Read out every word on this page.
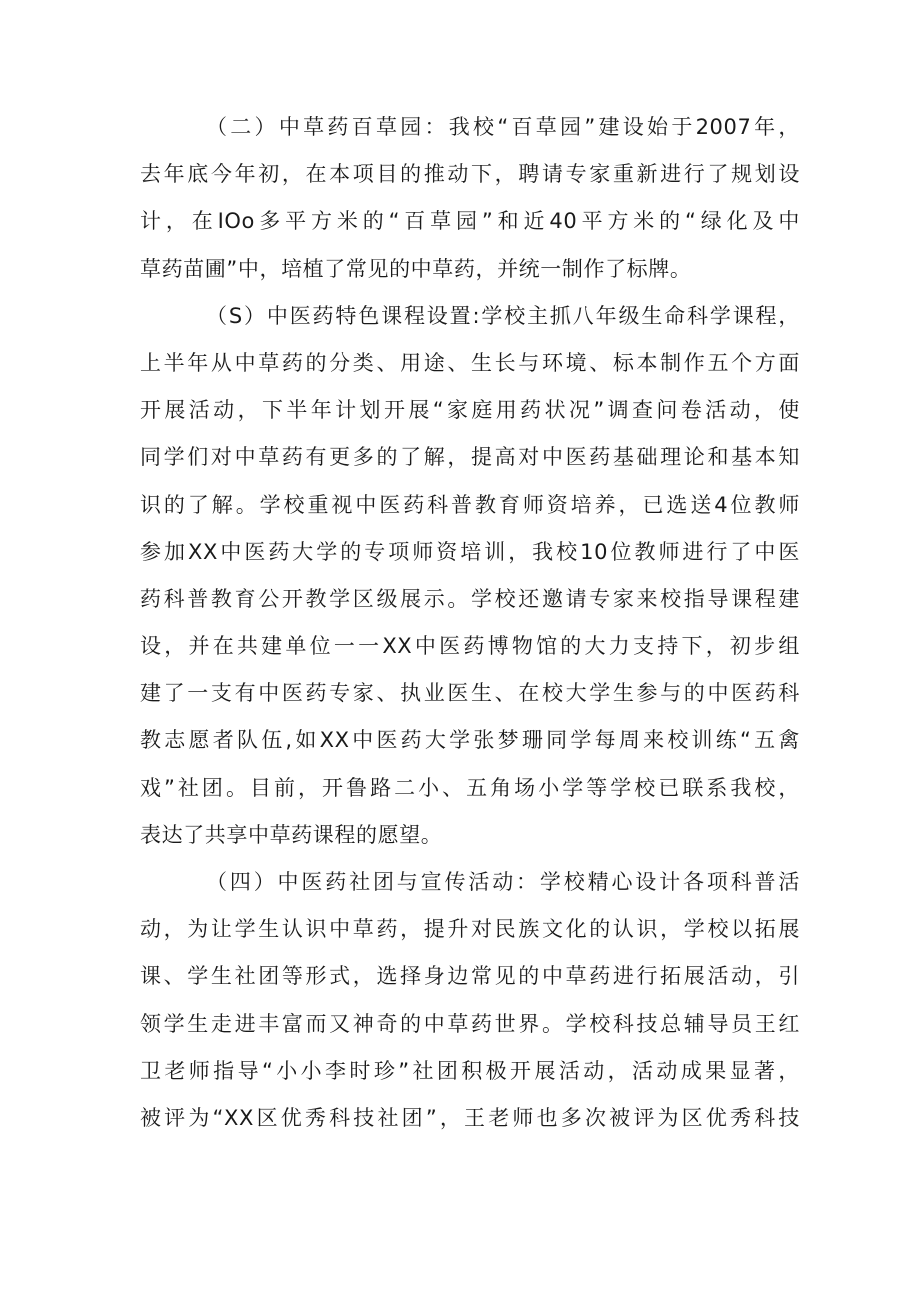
（二）中草药百草园：我校“百草园”建设始于2007年，
去年底今年初，在本项目的推动下，聘请专家重新进行了规划设
计，在IOo多平方米的“百草园”和近40平方米的“绿化及中
草药苗圃”中，培植了常见的中草药，并统一制作了标牌。
（S）中医药特色课程设置:学校主抓八年级生命科学课程，
上半年从中草药的分类、用途、生长与环境、标本制作五个方面
开展活动，下半年计划开展“家庭用药状况”调查问卷活动，使
同学们对中草药有更多的了解，提高对中医药基础理论和基本知
识的了解。学校重视中医药科普教育师资培养，已选送4位教师
参加XX中医药大学的专项师资培训，我校10位教师进行了中医
药科普教育公开教学区级展示。学校还邀请专家来校指导课程建
设，并在共建单位一一XX中医药博物馆的大力支持下，初步组
建了一支有中医药专家、执业医生、在校大学生参与的中医药科
教志愿者队伍,如XX中医药大学张梦珊同学每周来校训练“五禽
戏”社团。目前，开鲁路二小、五角场小学等学校已联系我校，
表达了共享中草药课程的愿望。
（四）中医药社团与宣传活动：学校精心设计各项科普活
动，为让学生认识中草药，提升对民族文化的认识，学校以拓展
课、学生社团等形式，选择身边常见的中草药进行拓展活动，引
领学生走进丰富而又神奇的中草药世界。学校科技总辅导员王红
卫老师指导“小小李时珍”社团积极开展活动，活动成果显著，
被评为“XX区优秀科技社团”，王老师也多次被评为区优秀科技
